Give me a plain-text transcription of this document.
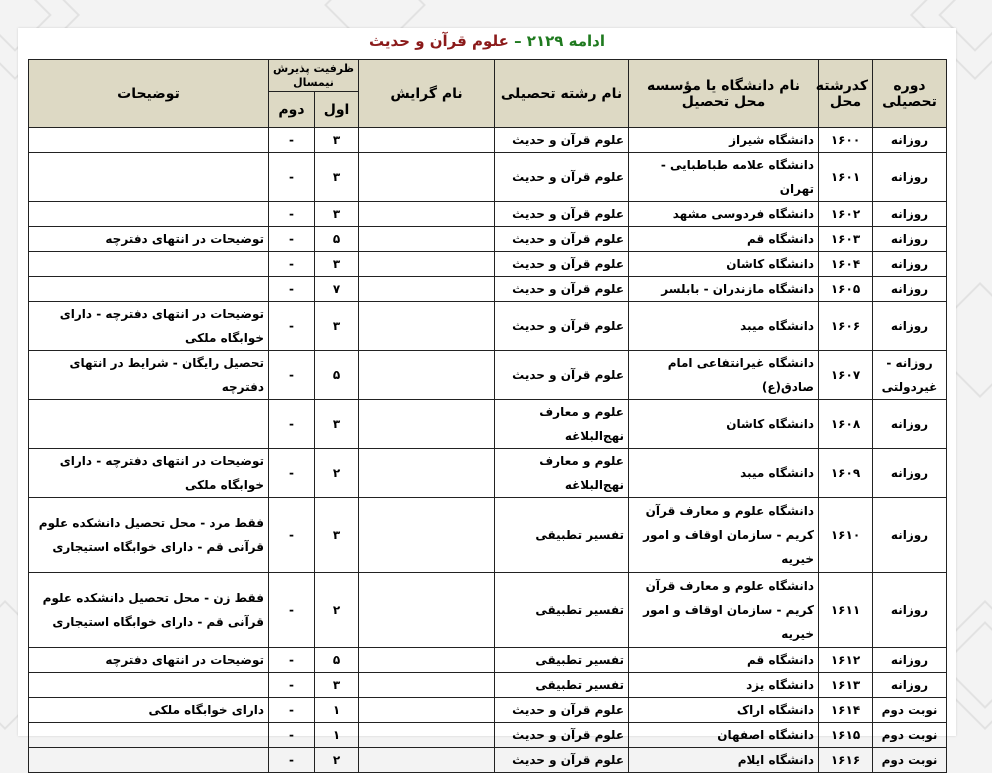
ادامه ۲۱۲۹ – علوم قرآن و حدیث
دوره تحصیلی	کدرشته محل	نام دانشگاه یا مؤسسه محل تحصیل	نام رشته تحصیلی	نام گرایش	ظرفیت پذیرش نیمسال		توضیحات
					اول	دوم	
روزانه	۱۶۰۰	دانشگاه شیراز	علوم قرآن و حدیث		۳	-	
روزانه	۱۶۰۱	دانشگاه علامه طباطبایی - تهران	علوم قرآن و حدیث		۳	-	
روزانه	۱۶۰۲	دانشگاه فردوسی مشهد	علوم قرآن و حدیث		۳	-	
روزانه	۱۶۰۳	دانشگاه قم	علوم قرآن و حدیث		۵	-	توضیحات در انتهای دفترچه
روزانه	۱۶۰۴	دانشگاه کاشان	علوم قرآن و حدیث		۳	-	
روزانه	۱۶۰۵	دانشگاه مازندران - بابلسر	علوم قرآن و حدیث		۷	-	
روزانه	۱۶۰۶	دانشگاه میبد	علوم قرآن و حدیث		۳	-	توضیحات در انتهای دفترچه - دارای خوابگاه ملکی
روزانه - غیردولتی	۱۶۰۷	دانشگاه غیرانتفاعی امام صادق(ع)	علوم قرآن و حدیث		۵	-	تحصیل رایگان - شرایط در انتهای دفترچه
روزانه	۱۶۰۸	دانشگاه کاشان	علوم و معارف نهج‌البلاغه		۳	-	
روزانه	۱۶۰۹	دانشگاه میبد	علوم و معارف نهج‌البلاغه		۲	-	توضیحات در انتهای دفترچه - دارای خوابگاه ملکی
روزانه	۱۶۱۰	دانشگاه علوم و معارف قرآن کریم - سازمان اوقاف و امور خیریه	تفسیر تطبیقی		۳	-	فقط مرد - محل تحصیل دانشکده علوم قرآنی قم - دارای خوابگاه استیجاری
روزانه	۱۶۱۱	دانشگاه علوم و معارف قرآن کریم - سازمان اوقاف و امور خیریه	تفسیر تطبیقی		۲	-	فقط زن - محل تحصیل دانشکده علوم قرآنی قم - دارای خوابگاه استیجاری
روزانه	۱۶۱۲	دانشگاه قم	تفسیر تطبیقی		۵	-	توضیحات در انتهای دفترچه
روزانه	۱۶۱۳	دانشگاه یزد	تفسیر تطبیقی		۳	-	
نوبت دوم	۱۶۱۴	دانشگاه اراک	علوم قرآن و حدیث		۱	-	دارای خوابگاه ملکی
نوبت دوم	۱۶۱۵	دانشگاه اصفهان	علوم قرآن و حدیث		۱	-	
نوبت دوم	۱۶۱۶	دانشگاه ایلام	علوم قرآن و حدیث		۲	-	
